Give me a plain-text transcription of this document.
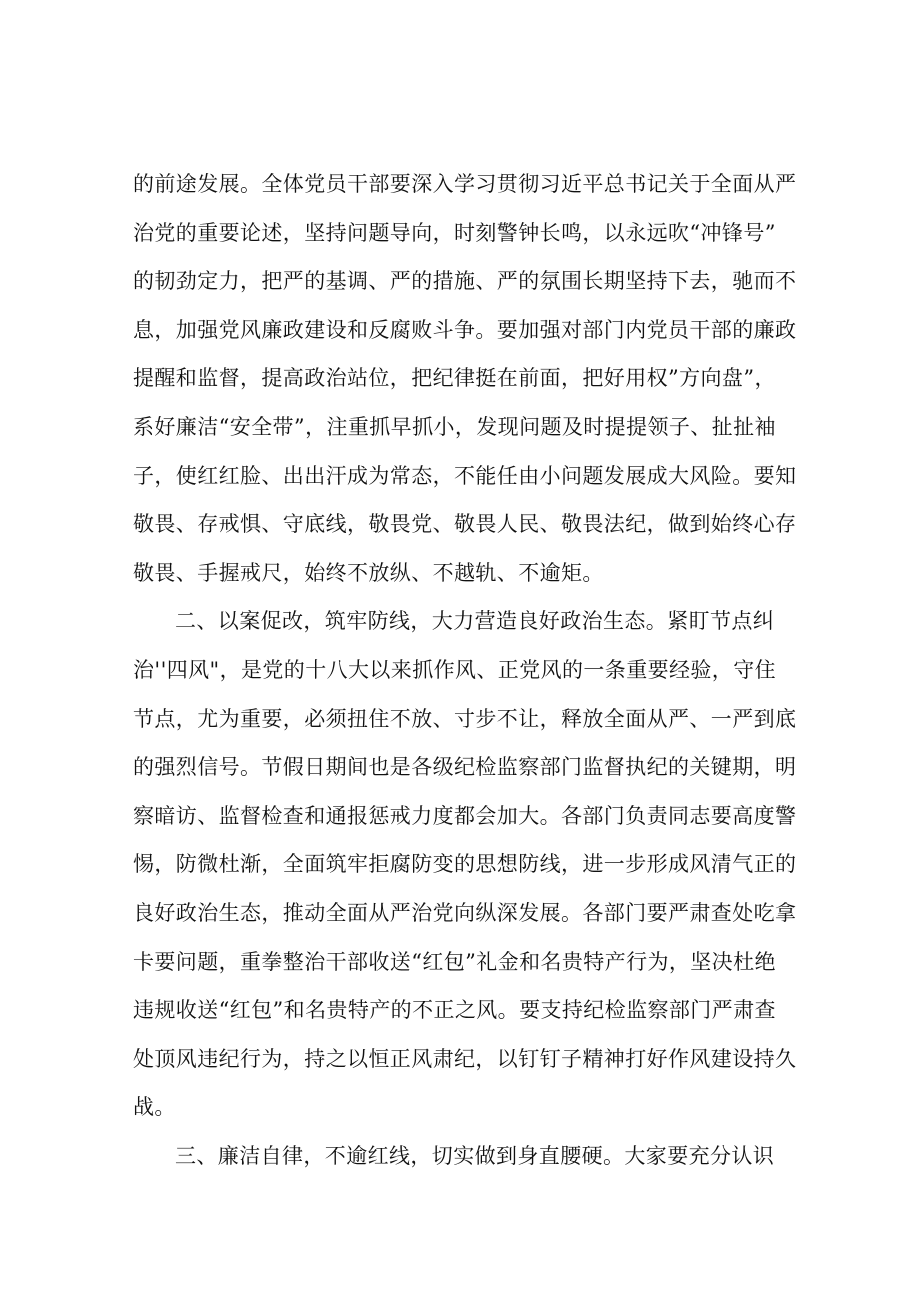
的前途发展。全体党员干部要深入学习贯彻习近平总书记关于全面从严
治党的重要论述，坚持问题导向，时刻警钟长鸣，以永远吹“冲锋号”
的韧劲定力，把严的基调、严的措施、严的氛围长期坚持下去，驰而不
息，加强党风廉政建设和反腐败斗争。要加强对部门内党员干部的廉政
提醒和监督，提高政治站位，把纪律挺在前面，把好用权”方向盘”，
系好廉洁“安全带”，注重抓早抓小，发现问题及时提提领子、扯扯袖
子，使红红脸、出出汗成为常态，不能任由小问题发展成大风险。要知
敬畏、存戒惧、守底线，敬畏党、敬畏人民、敬畏法纪，做到始终心存
敬畏、手握戒尺，始终不放纵、不越轨、不逾矩。
二、以案促改，筑牢防线，大力营造良好政治生态。紧盯节点纠
治''四风"，是党的十八大以来抓作风、正党风的一条重要经验，守住
节点，尤为重要，必须扭住不放、寸步不让，释放全面从严、一严到底
的强烈信号。节假日期间也是各级纪检监察部门监督执纪的关键期，明
察暗访、监督检查和通报惩戒力度都会加大。各部门负责同志要高度警
惕，防微杜渐，全面筑牢拒腐防变的思想防线，进一步形成风清气正的
良好政治生态，推动全面从严治党向纵深发展。各部门要严肃查处吃拿
卡要问题，重拳整治干部收送“红包”礼金和名贵特产行为，坚决杜绝
违规收送“红包”和名贵特产的不正之风。要支持纪检监察部门严肃查
处顶风违纪行为，持之以恒正风肃纪，以钉钉子精神打好作风建设持久
战。
三、廉洁自律，不逾红线，切实做到身直腰硬。大家要充分认识
